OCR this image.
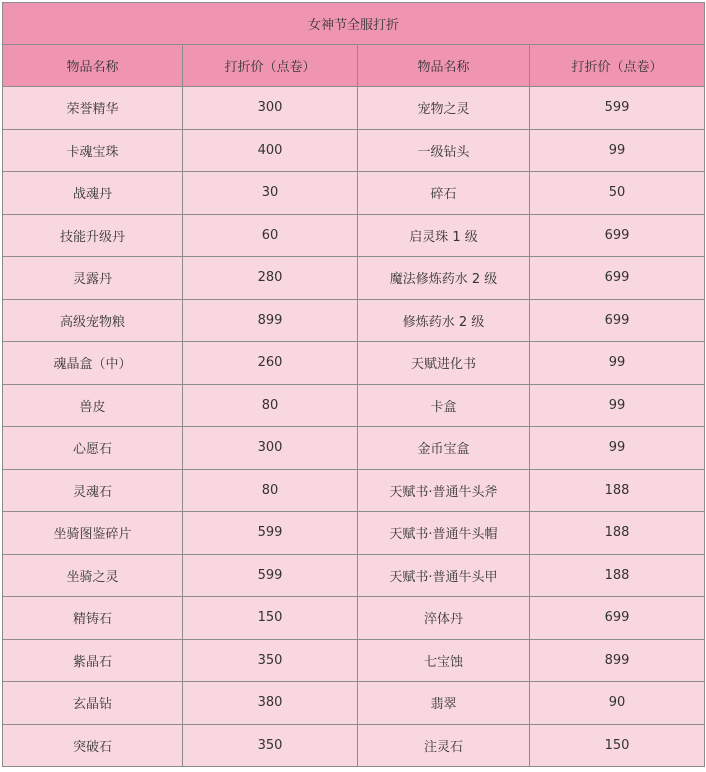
女神节全服打折			
物品名称	打折价（点卷）	物品名称	打折价（点卷）
荣誉精华	300	宠物之灵	599
卡魂宝珠	400	一级钻头	99
战魂丹	30	碎石	50
技能升级丹	60	启灵珠 1 级	699
灵露丹	280	魔法修炼药水 2 级	699
高级宠物粮	899	修炼药水 2 级	699
魂晶盒（中）	260	天赋进化书	99
兽皮	80	卡盒	99
心愿石	300	金币宝盒	99
灵魂石	80	天赋书·普通牛头斧	188
坐骑图鉴碎片	599	天赋书·普通牛头帽	188
坐骑之灵	599	天赋书·普通牛头甲	188
精铸石	150	淬体丹	699
紫晶石	350	七宝蚀	899
玄晶钻	380	翡翠	90
突破石	350	注灵石	150
